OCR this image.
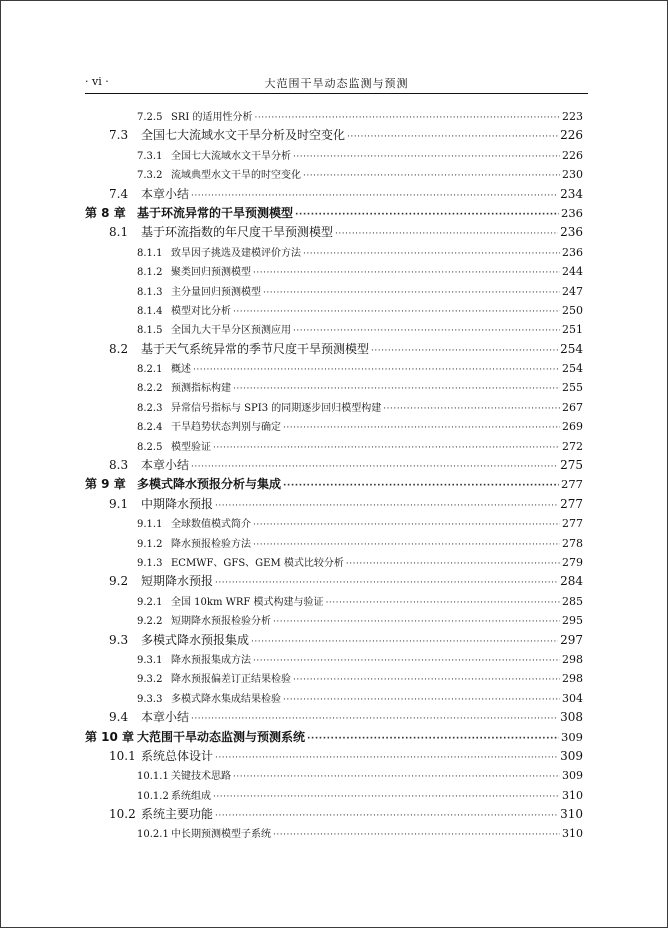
· vi ·	大范围干旱动态监测与预测
7.2.5 SRI 的适用性分析 ·····	223
7.3	全国七大流域水文干旱分析及时空变化 ·····	226
7.3.1 全国七大流域水文干旱分析 ·····	226
7.3.2 流域典型水文干旱的时空变化 ·····	230
7.4	本章小结 ·····	234
第 8 章 基于环流异常的干旱预测模型 ·····	236
8.1	基于环流指数的年尺度干旱预测模型 ·····	236
8.1.1 致旱因子挑选及建模评价方法 ·····	236
8.1.2 聚类回归预测模型 ·····	244
8.1.3 主分量回归预测模型 ·····	247
8.1.4 模型对比分析 ·····	250
8.1.5 全国九大干旱分区预测应用 ·····	251
8.2	基于天气系统异常的季节尺度干旱预测模型 ·····	254
8.2.1 概述 ·····	254
8.2.2 预测指标构建 ·····	255
8.2.3 异常信号指标与 SPI3 的同期逐步回归模型构建 ·····	267
8.2.4 干旱趋势状态判别与确定 ·····	269
8.2.5 模型验证 ·····	272
8.3	本章小结 ·····	275
第 9 章 多模式降水预报分析与集成 ·····	277
9.1	中期降水预报 ·····	277
9.1.1 全球数值模式简介 ·····	277
9.1.2 降水预报检验方法 ·····	278
9.1.3 ECMWF、GFS、GEM 模式比较分析 ·····	279
9.2	短期降水预报 ·····	284
9.2.1 全国 10km WRF 模式构建与验证 ·····	285
9.2.2 短期降水预报检验分析 ·····	295
9.3	多模式降水预报集成 ·····	297
9.3.1 降水预报集成方法 ·····	298
9.3.2 降水预报偏差订正结果检验 ·····	298
9.3.3 多模式降水集成结果检验 ·····	304
9.4	本章小结 ·····	308
第 10 章 大范围干旱动态监测与预测系统 ·····	309
10.1 系统总体设计 ·····	309
10.1.1 关键技术思路 ·····	309
10.1.2 系统组成 ·····	310
10.2 系统主要功能 ·····	310
10.2.1 中长期预测模型子系统 ·····	310
